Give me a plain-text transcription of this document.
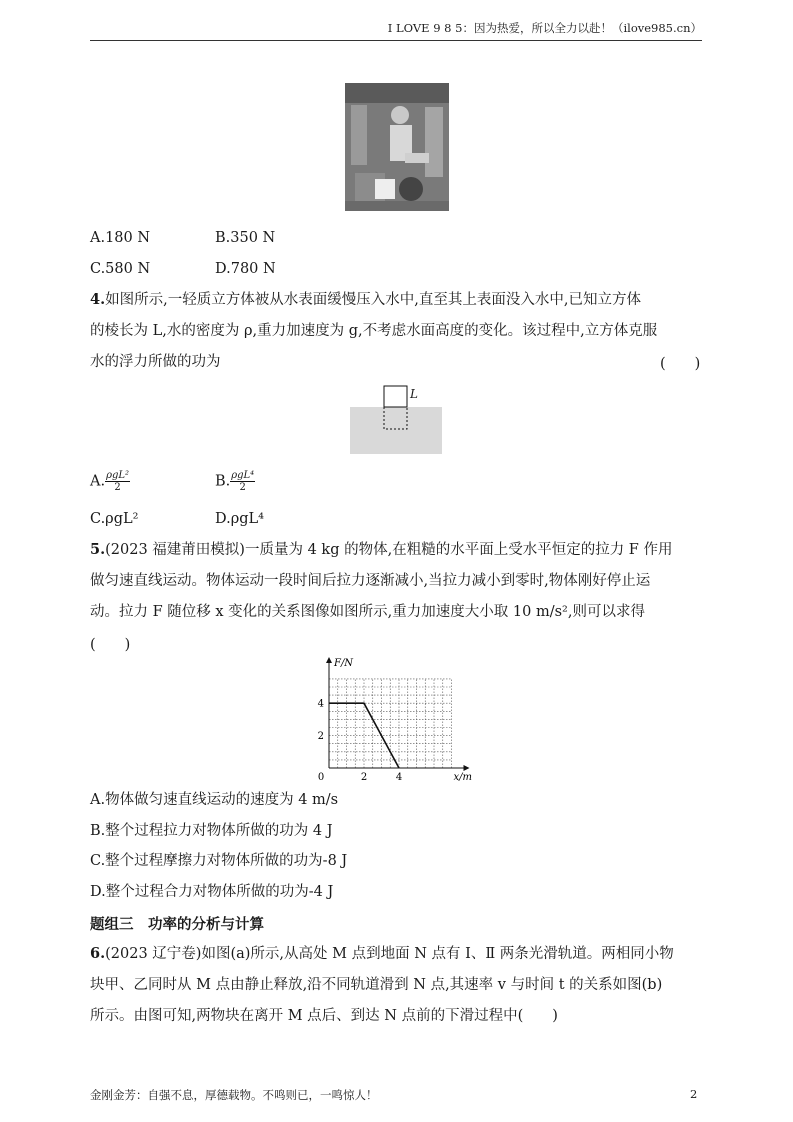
I LOVE 9 8 5：因为热爱，所以全力以赴！（ilove985.cn）
A.180 N	B.350 N
C.580 N	D.780 N
4.如图所示,一轻质立方体被从水表面缓慢压入水中,直至其上表面没入水中,已知立方体
的棱长为 L,水的密度为 ρ,重力加速度为 g,不考虑水面高度的变化。该过程中,立方体克服
水的浮力所做的功为	(　　)
L
A. $\frac{\text{ρgL²}}{2}$	B. $\frac{\text{ρgL⁴}}{2}$
C.ρgL²	D.ρgL⁴
5.(2023 福建莆田模拟)一质量为 4 kg 的物体,在粗糙的水平面上受水平恒定的拉力 F 作用
做匀速直线运动。物体运动一段时间后拉力逐渐减小,当拉力减小到零时,物体刚好停止运
动。拉力 F 随位移 x 变化的关系图像如图所示,重力加速度大小取 10 m/s²,则可以求得
(　　)
0	2	4
2
4
x/m
F/N
A.物体做匀速直线运动的速度为 4 m/s
B.整个过程拉力对物体所做的功为 4 J
C.整个过程摩擦力对物体所做的功为-8 J
D.整个过程合力对物体所做的功为-4 J
题组三　功率的分析与计算
6.(2023 辽宁卷)如图(a)所示,从高处 M 点到地面 N 点有 Ⅰ、Ⅱ 两条光滑轨道。两相同小物
块甲、乙同时从 M 点由静止释放,沿不同轨道滑到 N 点,其速率 v 与时间 t 的关系如图(b)
所示。由图可知,两物块在离开 M 点后、到达 N 点前的下滑过程中(　　)
金刚金芳：自强不息，厚德载物。不鸣则已，一鸣惊人！	2
